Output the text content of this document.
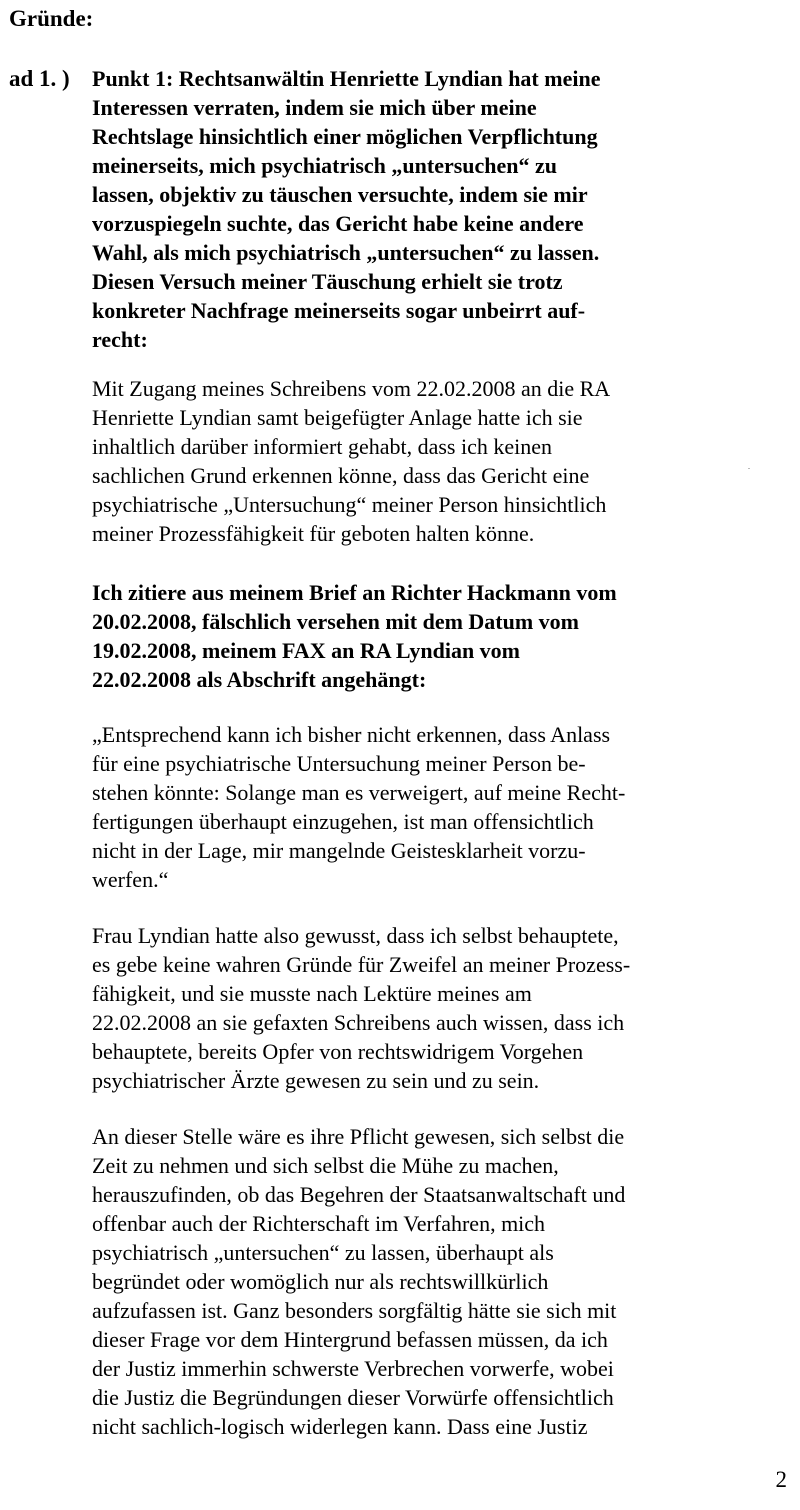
Gründe:
ad 1. ) Punkt 1: Rechtsanwältin Henriette Lyndian hat meine
Interessen verraten, indem sie mich über meine
Rechtslage hinsichtlich einer möglichen Verpflichtung
meinerseits, mich psychiatrisch „untersuchen“ zu
lassen, objektiv zu täuschen versuchte, indem sie mir
vorzuspiegeln suchte, das Gericht habe keine andere
Wahl, als mich psychiatrisch „untersuchen“ zu lassen.
Diesen Versuch meiner Täuschung erhielt sie trotz
konkreter Nachfrage meinerseits sogar unbeirrt auf-
recht:

Mit Zugang meines Schreibens vom 22.02.2008 an die RA
Henriette Lyndian samt beigefügter Anlage hatte ich sie
inhaltlich darüber informiert gehabt, dass ich keinen
sachlichen Grund erkennen könne, dass das Gericht eine
psychiatrische „Untersuchung“ meiner Person hinsichtlich
meiner Prozessfähigkeit für geboten halten könne.

Ich zitiere aus meinem Brief an Richter Hackmann vom
20.02.2008, fälschlich versehen mit dem Datum vom
19.02.2008, meinem FAX an RA Lyndian vom
22.02.2008 als Abschrift angehängt:

„Entsprechend kann ich bisher nicht erkennen, dass Anlass
für eine psychiatrische Untersuchung meiner Person be-
stehen könnte: Solange man es verweigert, auf meine Recht-
fertigungen überhaupt einzugehen, ist man offensichtlich
nicht in der Lage, mir mangelnde Geistesklarheit vorzu-
werfen.“

Frau Lyndian hatte also gewusst, dass ich selbst behauptete,
es gebe keine wahren Gründe für Zweifel an meiner Prozess-
fähigkeit, und sie musste nach Lektüre meines am
22.02.2008 an sie gefaxten Schreibens auch wissen, dass ich
behauptete, bereits Opfer von rechtswidrigem Vorgehen
psychiatrischer Ärzte gewesen zu sein und zu sein.

An dieser Stelle wäre es ihre Pflicht gewesen, sich selbst die
Zeit zu nehmen und sich selbst die Mühe zu machen,
herauszufinden, ob das Begehren der Staatsanwaltschaft und
offenbar auch der Richterschaft im Verfahren, mich
psychiatrisch „untersuchen“ zu lassen, überhaupt als
begründet oder womöglich nur als rechtswillkürlich
aufzufassen ist. Ganz besonders sorgfältig hätte sie sich mit
dieser Frage vor dem Hintergrund befassen müssen, da ich
der Justiz immerhin schwerste Verbrechen vorwerfe, wobei
die Justiz die Begründungen dieser Vorwürfe offensichtlich
nicht sachlich-logisch widerlegen kann. Dass eine Justiz

2
